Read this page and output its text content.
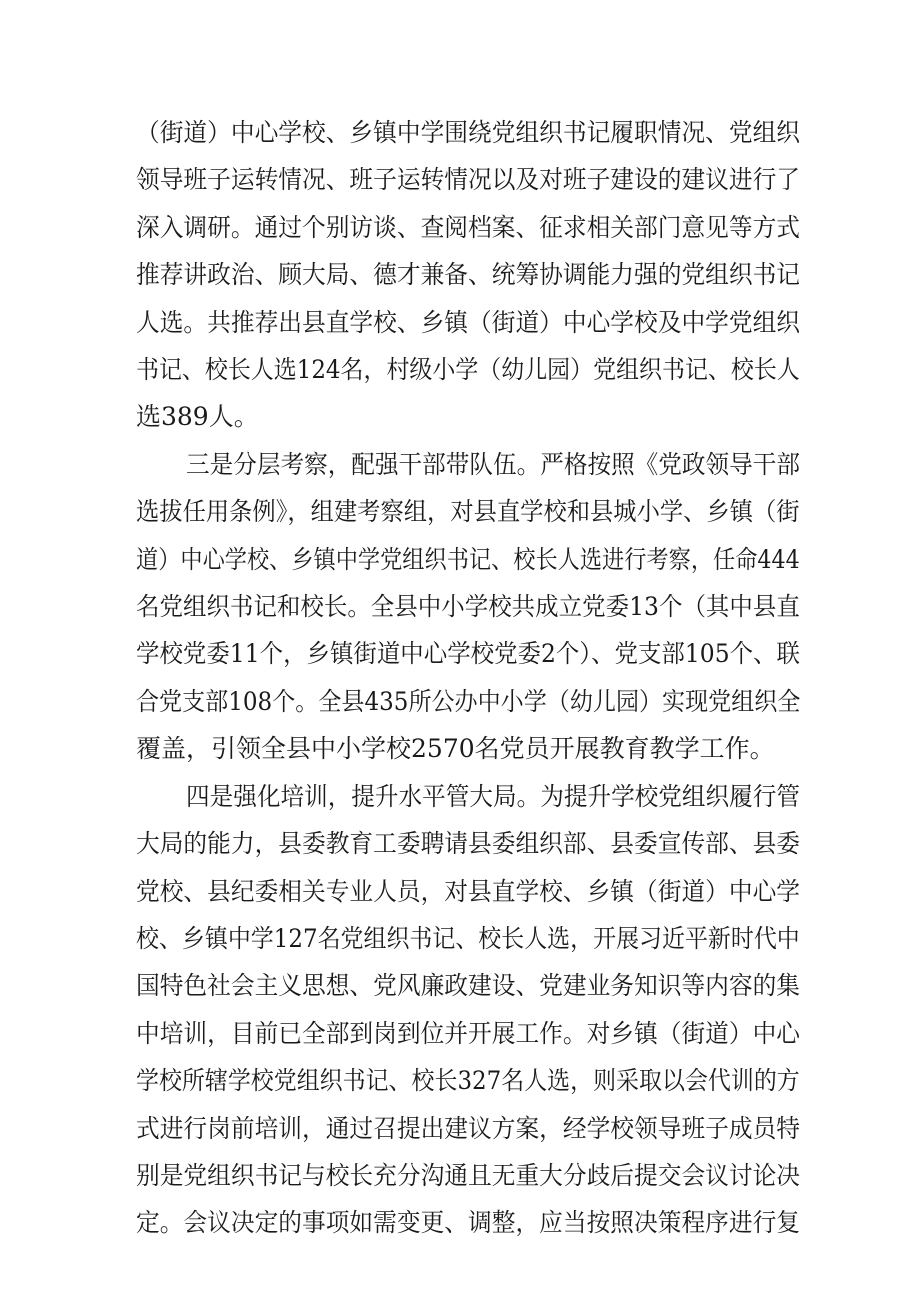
（街道）中心学校、乡镇中学围绕党组织书记履职情况、党组织
领导班子运转情况、班子运转情况以及对班子建设的建议进行了
深入调研。通过个别访谈、查阅档案、征求相关部门意见等方式
推荐讲政治、顾大局、德才兼备、统筹协调能力强的党组织书记
人选。共推荐出县直学校、乡镇（街道）中心学校及中学党组织
书记、校长人选124名，村级小学（幼儿园）党组织书记、校长人
选389人。

三是分层考察，配强干部带队伍。严格按照《党政领导干部
选拔任用条例》，组建考察组，对县直学校和县城小学、乡镇（街
道）中心学校、乡镇中学党组织书记、校长人选进行考察，任命444
名党组织书记和校长。全县中小学校共成立党委13个（其中县直
学校党委11个，乡镇街道中心学校党委2个）、党支部105个、联
合党支部108个。全县435所公办中小学（幼儿园）实现党组织全
覆盖，引领全县中小学校2570名党员开展教育教学工作。

四是强化培训，提升水平管大局。为提升学校党组织履行管
大局的能力，县委教育工委聘请县委组织部、县委宣传部、县委
党校、县纪委相关专业人员，对县直学校、乡镇（街道）中心学
校、乡镇中学127名党组织书记、校长人选，开展习近平新时代中
国特色社会主义思想、党风廉政建设、党建业务知识等内容的集
中培训，目前已全部到岗到位并开展工作。对乡镇（街道）中心
学校所辖学校党组织书记、校长327名人选，则采取以会代训的方
式进行岗前培训，通过召提出建议方案，经学校领导班子成员特
别是党组织书记与校长充分沟通且无重大分歧后提交会议讨论决
定。会议决定的事项如需变更、调整，应当按照决策程序进行复
